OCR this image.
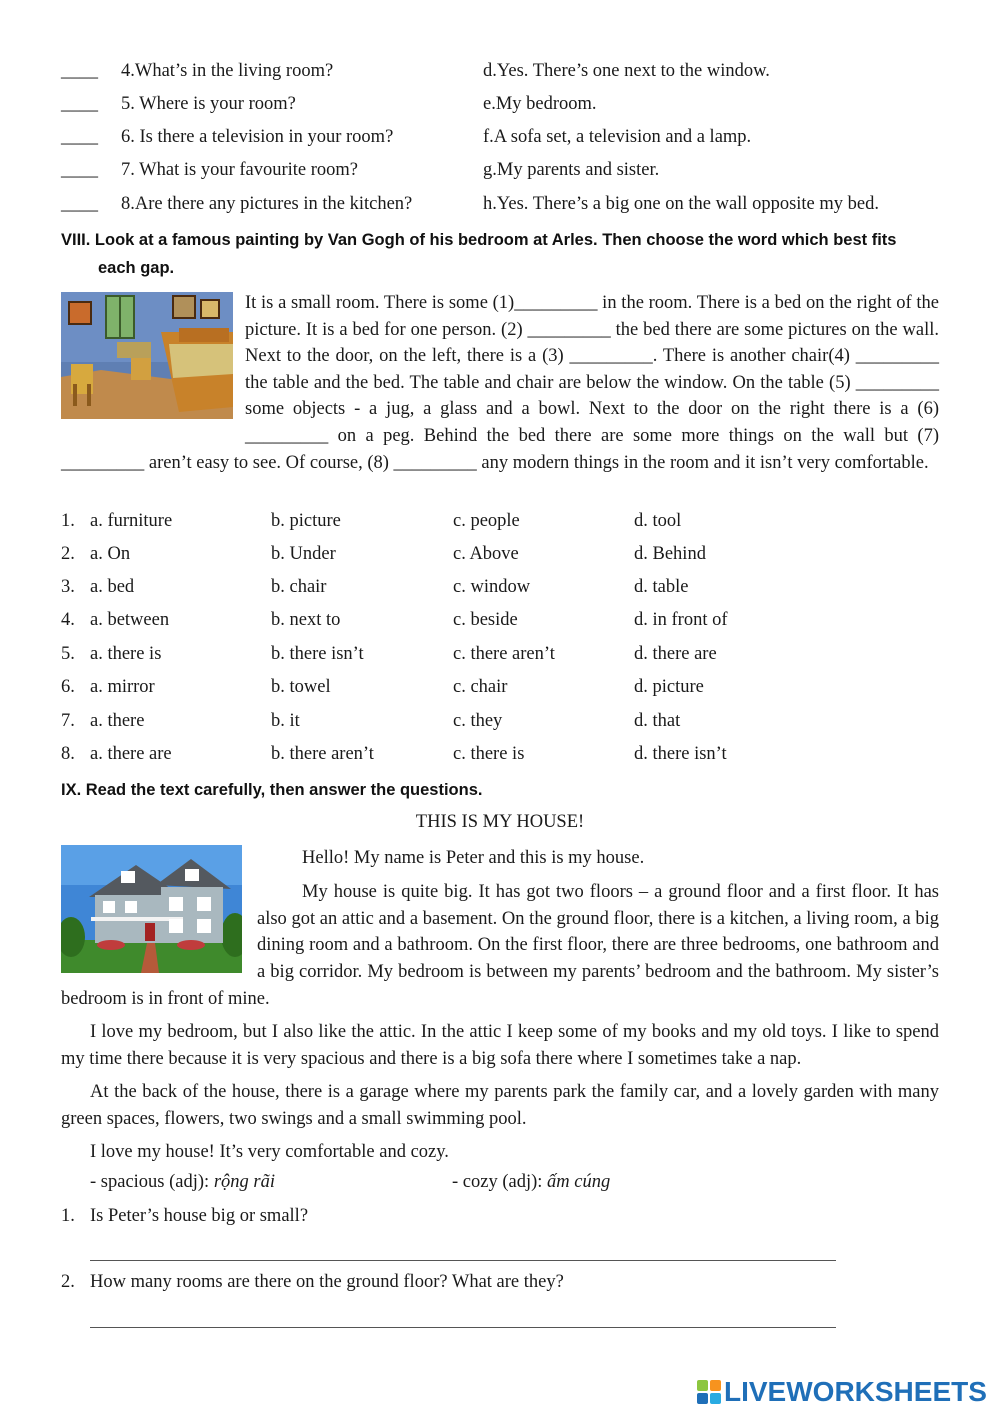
____ 4.What’s in the living room?	d.Yes. There’s one next to the window.
____ 5. Where is your room?	e.My bedroom.
____ 6. Is there a television in your room?	f.A sofa set, a television and a lamp.
____ 7. What is your favourite room?	g.My parents and sister.
____ 8.Are there any pictures in the kitchen?	h.Yes. There’s a big one on the wall opposite my bed.
VIII. Look at a famous painting by Van Gogh of his bedroom at Arles. Then choose the word which best fits
each gap.
It is a small room. There is some (1)_________ in the room. There is a bed on the right of the picture. It is a bed for one person. (2) _________ the bed there are some pictures on the wall. Next to the door, on the left, there is a (3) _________. There is another chair(4) _________ the table and the bed. The table and chair are below the window. On the table (5) _________ some objects - a jug, a glass and a bowl. Next to the door on the right there is a (6) _________ on a peg. Behind the bed there are some more things on the wall but (7) _________ aren’t easy to see. Of course, (8) _________ any modern things in the room and it isn’t very comfortable.
1. a. furniture	b. picture	c. people	d. tool
2. a. On	b. Under	c. Above	d. Behind
3. a. bed	b. chair	c. window	d. table
4. a. between	b. next to	c. beside	d. in front of
5. a. there is	b. there isn’t	c. there aren’t	d. there are
6. a. mirror	b. towel	c. chair	d. picture
7. a. there	b. it	c. they	d. that
8. a. there are	b. there aren’t	c. there is	d. there isn’t
IX. Read the text carefully, then answer the questions.
THIS IS MY HOUSE!

Hello! My name is Peter and this is my house.

My house is quite big. It has got two floors – a ground floor and a first floor. It has also got an attic and a basement. On the ground floor, there is a kitchen, a living room, a big dining room and a bathroom. On the first floor, there are three bedrooms, one bathroom and a big corridor. My bedroom is between my parents’ bedroom and the bathroom. My sister’s bedroom is in front of mine.

I love my bedroom, but I also like the attic. In the attic I keep some of my books and my old toys. I like to spend my time there because it is very spacious and there is a big sofa there where I sometimes take a nap.
At the back of the house, there is a garage where my parents park the family car, and a lovely garden with many green spaces, flowers, two swings and a small swimming pool.
I love my house! It’s very comfortable and cozy.
- spacious (adj): rộng rãi	- cozy (adj): ấm cúng
1. Is Peter’s house big or small?
2. How many rooms are there on the ground floor? What are they?
LIVEWORKSHEETS
